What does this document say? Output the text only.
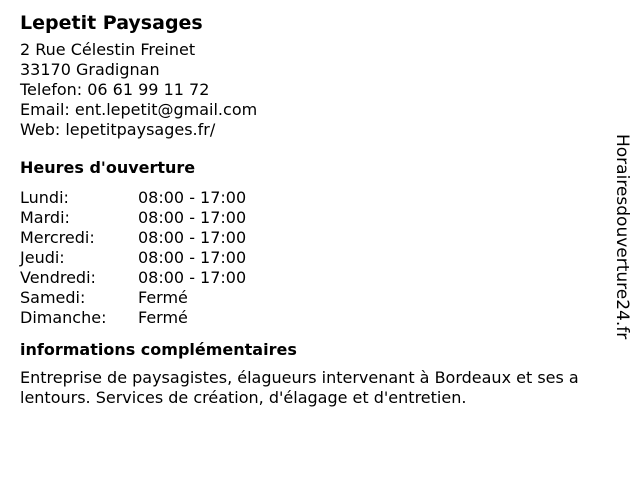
Lepetit Paysages
2 Rue Célestin Freinet
33170 Gradignan
Telefon: 06 61 99 11 72
Email: ent.lepetit@gmail.com
Web: lepetitpaysages.fr/
Heures d'ouverture
Lundi:	08:00 - 17:00
Mardi:	08:00 - 17:00
Mercredi:	08:00 - 17:00
Jeudi:	08:00 - 17:00
Vendredi:	08:00 - 17:00
Samedi:	Fermé
Dimanche:	Fermé
informations complémentaires
Entreprise de paysagistes, élagueurs intervenant à Bordeaux et ses a lentours. Services de création, d'élagage et d'entretien.
Horairesdouverture24.fr
